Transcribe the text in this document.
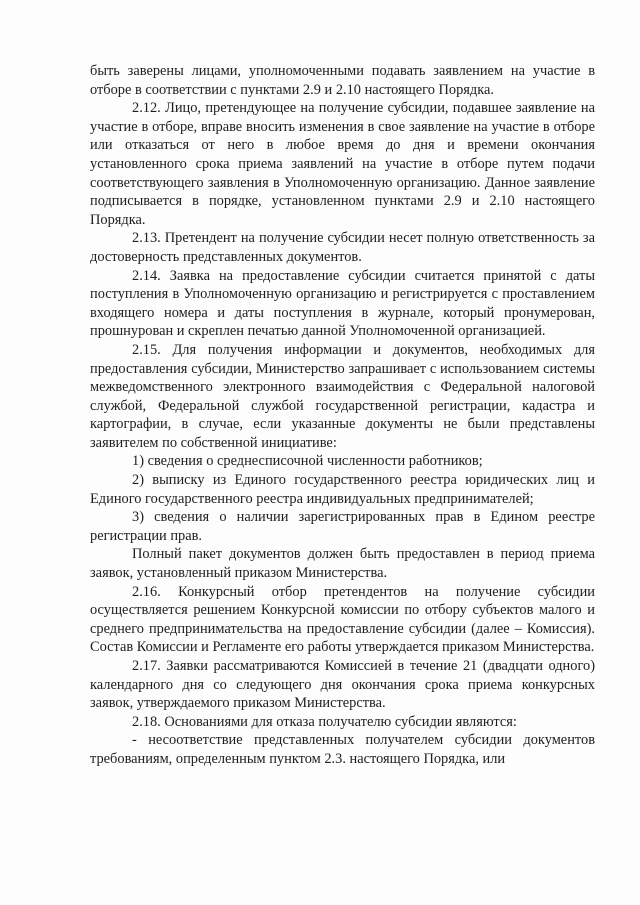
быть заверены лицами, уполномоченными подавать заявлением на участие в отборе в соответствии с пунктами 2.9 и 2.10 настоящего Порядка.

2.12. Лицо, претендующее на получение субсидии, подавшее заявление на участие в отборе, вправе вносить изменения в свое заявление на участие в отборе или отказаться от него в любое время до дня и времени окончания установленного срока приема заявлений на участие в отборе путем подачи соответствующего заявления в Уполномоченную организацию. Данное заявление подписывается в порядке, установленном пунктами 2.9 и 2.10 настоящего Порядка.

2.13. Претендент на получение субсидии несет полную ответственность за достоверность представленных документов.

2.14. Заявка на предоставление субсидии считается принятой с даты поступления в Уполномоченную организацию и регистрируется с проставлением входящего номера и даты поступления в журнале, который пронумерован, прошнурован и скреплен печатью данной Уполномоченной организацией.

2.15. Для получения информации и документов, необходимых для предоставления субсидии, Министерство запрашивает с использованием системы межведомственного электронного взаимодействия с Федеральной налоговой службой, Федеральной службой государственной регистрации, кадастра и картографии, в случае, если указанные документы не были представлены заявителем по собственной инициативе:

1) сведения о среднесписочной численности работников;

2) выписку из Единого государственного реестра юридических лиц и Единого государственного реестра индивидуальных предпринимателей;

3) сведения о наличии зарегистрированных прав в Едином реестре регистрации прав.

Полный пакет документов должен быть предоставлен в период приема заявок, установленный приказом Министерства.

2.16. Конкурсный отбор претендентов на получение субсидии осуществляется решением Конкурсной комиссии по отбору субъектов малого и среднего предпринимательства на предоставление субсидии (далее – Комиссия). Состав Комиссии и Регламенте его работы утверждается приказом Министерства.

2.17. Заявки рассматриваются Комиссией в течение 21 (двадцати одного) календарного дня со следующего дня окончания срока приема конкурсных заявок, утверждаемого приказом Министерства.

2.18. Основаниями для отказа получателю субсидии являются:

- несоответствие представленных получателем субсидии документов требованиям, определенным пунктом 2.3. настоящего Порядка, или
